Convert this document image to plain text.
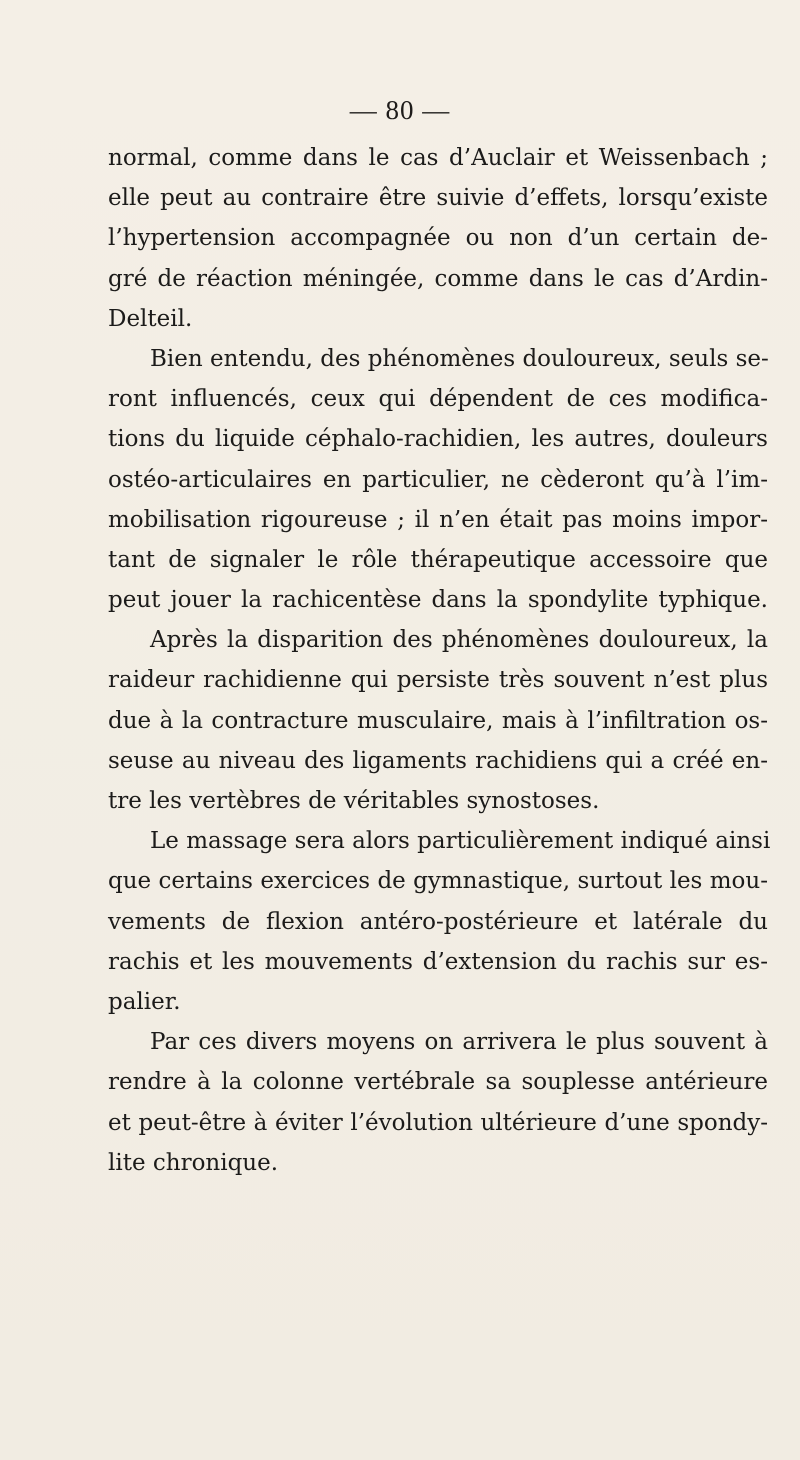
— 80 —
normal, comme dans le cas d’Auclair et Weissenbach ;
elle peut au contraire être suivie d’effets, lorsqu’existe
l’hypertension accompagnée ou non d’un certain de-
gré de réaction méningée, comme dans le cas d’Ardin-
Delteil.
Bien entendu, des phénomènes douloureux, seuls se-
ront influencés, ceux qui dépendent de ces modifica-
tions du liquide céphalo-rachidien, les autres, douleurs
ostéo-articulaires en particulier, ne cèderont qu’à l’im-
mobilisation rigoureuse ; il n’en était pas moins impor-
tant de signaler le rôle thérapeutique accessoire que
peut jouer la rachicentèse dans la spondylite typhique.
Après la disparition des phénomènes douloureux, la
raideur rachidienne qui persiste très souvent n’est plus
due à la contracture musculaire, mais à l’infiltration os-
seuse au niveau des ligaments rachidiens qui a créé en-
tre les vertèbres de véritables synostoses.
Le massage sera alors particulièrement indiqué ainsi
que certains exercices de gymnastique, surtout les mou-
vements de flexion antéro-postérieure et latérale du
rachis et les mouvements d’extension du rachis sur es-
palier.
Par ces divers moyens on arrivera le plus souvent à
rendre à la colonne vertébrale sa souplesse antérieure
et peut-être à éviter l’évolution ultérieure d’une spondy-
lite chronique.
